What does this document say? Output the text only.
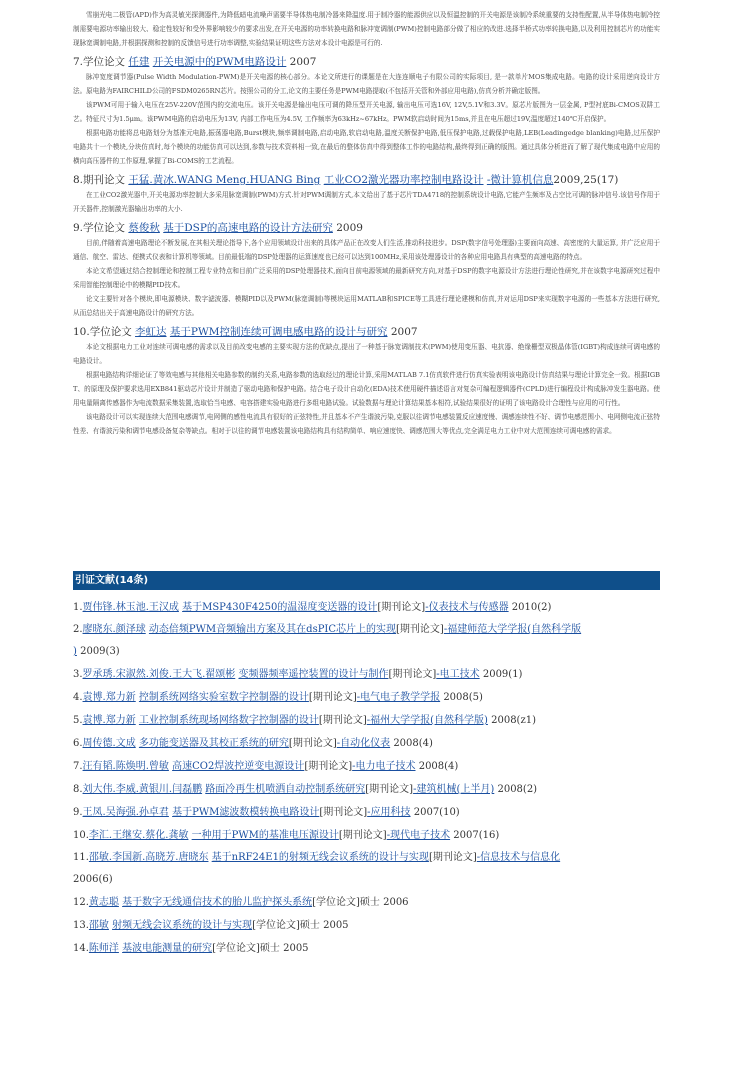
雪崩光电二极管(APD)作为高灵敏光探测器件,为降低暗电流噪声需要半导体热电制冷器来降温度.用于制冷器的能源供应以及恒温控制的开关电源是该制冷系统重要的支持性配置,从半导体热电制冷控制需要电源功率输出较大、稳定性较好和受外界影响较少的要求出发,在开关电源的功率转换电路和脉冲宽调制(PWM)控制电路部分做了相应的改进.选择半桥式功率转换电路,以及利用控制芯片的功能实现脉宽调制电路,并根据探测和控制的反馈信号进行功率调整,实验结果证明这些方法对本设计电源是可行的.

7.学位论文 任建 开关电源中的PWM电路设计 2007

脉冲宽度调节器(Pulse Width Modulation-PWM)是开关电源的核心部分。本论文所进行的课题是在大连连顺电子有限公司的实际项目, 是一款单片MOS集成电路。电路的设计采用逆向设计方法。原电路为FAIRCHILD公司的FSDM0265RN芯片。按照公司的分工,论文的主要任务是PWM电路提取(不包括开关管和外部应用电路),仿真分析并确定版图。

该PWM可用于输入电压在25V-220V范围内的交流电压。该开关电源是输出电压可调的降压型开关电源, 输出电压可选16V, 12V,5.1V和3.3V。原芯片版图为一层金属, P型衬底Bi-CMOS双阱工艺。特征尺寸为1.5μm。该PWM电路的启动电压为13V, 内部工作电压为4.5V, 工作频率为63kHz~67kHz。PWM软启动时间为15ms,并且在电压超过19V,温度超过140℃开启保护。

根据电路功能将总电路划分为基准元电路,振荡器电路,Burst模块,频率调制电路,启动电路,软启动电路,温度关断保护电路,低压保护电路,过载保护电路,LEB(Leadingedge blanking)电路,过压保护电路共十一个模块,分块仿真时,每个模块的功能仿真可以达到,参数与技术资料相一致,在最后的整体仿真中得到整体工作的电路结构,最终得到正确的版图。通过具体分析进而了解了现代集成电路中应用的横向高压器件的工作原理,掌握了Bi-COMS的工艺流程。

8.期刊论文 王猛.黄冰.WANG Meng.HUANG Bing 工业CO2激光器功率控制电路设计 -微计算机信息2009,25(17)

在工业CO2激光器中,开关电源功率控制大多采用脉宽调制(PWM)方式.针对PWM调制方式,本文给出了基于芯片TDA4718的控制系统设计电路,它能产生频率及占空比可调的脉冲信号.该信号作用于开关器件,控制激光器输出功率的大小.

9.学位论文 蔡俊秋 基于DSP的高速电路的设计方法研究 2009

目前,伴随着高速电路理论不断发展,在其相关理论指导下,各个应用领域设计出来的具体产品正在改变人们生活,推动科技进步。DSP(数字信号处理器)主要面向高速、高密度的大量运算, 并广泛应用于通信、航空、雷达、便携式仪表和计算机等领域。目前最低端的DSP处理器的运算速度也已经可以达到100MHz,采用该处理器设计的各种应用电路具有典型的高速电路的特点。

本论文希望通过结合控制理论和控制工程专业特点和目前广泛采用的DSP处理器技术,面向目前电源领域的最新研究方向,对基于DSP的数字电源设计方法进行理论性研究,并在该数字电源研究过程中采用智能控制理论中的模糊PID技术。

论文主要针对各个模块,即电源模块、数字滤波器、模糊PID以及PWM(脉宽调制)等模块运用MATLAB和SPICE等工具进行理论建模和仿真,并对运用DSP来实现数字电源的一些基本方法进行研究,从而总结出关于高速电路设计的研究方法。

10.学位论文 李虹达 基于PWM控制连续可调电感电路的设计与研究 2007

本论文根据电力工业对连续可调电感的需求以及目前改变电感的主要实现方法的优缺点,提出了一种基于脉宽调制技术(PWM)使用变压器、电抗器、绝缘栅型双极晶体管(IGBT)构成连续可调电感的电路设计。

根据电路结构详细论证了等效电感与其他相关电路参数的制约关系,电路参数的选取经过的理论计算,采用MATLAB 7.1仿真软件进行仿真实验表明该电路设计仿真结果与理论计算完全一致。根据IGBT、的原理及保护要求选用EXB841驱动芯片设计并制造了驱动电路和保护电路。结合电子设计自动化(EDA)技术使用硬件描述语言对复杂可编程逻辑器件(CPLD)进行编程设计构成脉冲发生器电路。使用电量隔离传感器作为电流数据采集装置,选取恰当电感、电容搭建实验电路进行多组电路试验。试验数据与理论计算结果基本相符,试验结果很好的证明了该电路设计合理性与应用的可行性。

该电路设计可以实现连续大范围电感调节,电网侧的感性电流具有很好的正弦特性,并且基本不产生谐波污染,克服以往调节电感装置反应速度慢、调感连续性不好、调节电感范围小、电网侧电流正弦特性差、有谐波污染和调节电感设备复杂等缺点。相对于以往的调节电感装置该电路结构具有结构简单、响应速度快、调感范围大等优点,完全满足电力工业中对大范围连续可调电感的需求。

引证文献(14条)
1.贾伟锋.林玉池.王汉成 基于MSP430F4250的温湿度变送器的设计[期刊论文]-仪表技术与传感器 2010(2)
2.廖晓东.颜泽球 动态倍频PWM音频输出方案及其在dsPIC芯片上的实现[期刊论文]-福建师范大学学报(自然科学版
) 2009(3)
3.罗承琇.宋淑然.刘俊.王大飞.翟颂彬 变频器频率遥控装置的设计与制作[期刊论文]-电工技术 2009(1)
4.袁博.郑力新 控制系统网络实验室数字控制器的设计[期刊论文]-电气电子教学学报 2008(5)
5.袁博.郑力新 工业控制系统现场网络数字控制器的设计[期刊论文]-福州大学学报(自然科学版) 2008(z1)
6.周传德.文成 多功能变送器及其校正系统的研究[期刊论文]-自动化仪表 2008(4)
7.汪有韬.陈焕明.曾敏 高速CO2焊波控逆变电源设计[期刊论文]-电力电子技术 2008(4)
8.刘大伟.李威.黄银川.闫磊鹏 路面冷再生机喷洒自动控制系统研究[期刊论文]-建筑机械(上半月) 2008(2)
9.王凤.吴海强.孙卓君 基于PWM滤波数模转换电路设计[期刊论文]-应用科技 2007(10)
10.李汇.王继安.蔡化.龚敏 一种用于PWM的基准电压源设计[期刊论文]-现代电子技术 2007(16)
11.邵敏.李国新.高晓芳.唐晓东 基于nRF24E1的射频无线会议系统的设计与实现[期刊论文]-信息技术与信息化
2006(6)
12.黄志聪 基于数字无线通信技术的胎儿监护探头系统[学位论文]硕士 2006
13.邵敏 射频无线会议系统的设计与实现[学位论文]硕士 2005
14.陈师洋 基波电能测量的研究[学位论文]硕士 2005
